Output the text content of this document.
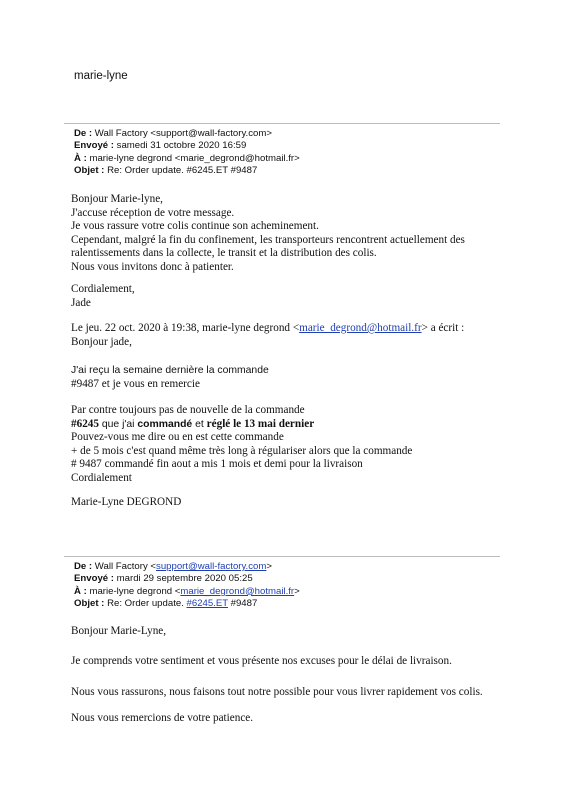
marie-lyne
De : Wall Factory <support@wall-factory.com>
Envoyé : samedi 31 octobre 2020 16:59
À : marie-lyne degrond <marie_degrond@hotmail.fr>
Objet : Re: Order update. #6245.ET #9487
Bonjour Marie-lyne,
J'accuse réception de votre message.
Je vous rassure votre colis continue son acheminement.
Cependant, malgré la fin du confinement, les transporteurs rencontrent actuellement des
ralentissements dans la collecte, le transit et la distribution des colis.
Nous vous invitons donc à patienter.
Cordialement,
Jade
Le jeu. 22 oct. 2020 à 19:38, marie-lyne degrond <marie_degrond@hotmail.fr> a écrit :
Bonjour jade,
J'ai reçu la semaine dernière la commande
#9487 et je vous en remercie
Par contre toujours pas de nouvelle de la commande
#6245 que j'ai commandé et réglé le 13 mai dernier
Pouvez-vous me dire ou en est cette commande
+ de 5 mois c'est quand même très long à régulariser alors que la commande
# 9487 commandé fin aout a mis 1 mois et demi pour la livraison
Cordialement
Marie-Lyne DEGROND
De : Wall Factory <support@wall-factory.com>
Envoyé : mardi 29 septembre 2020 05:25
À : marie-lyne degrond <marie_degrond@hotmail.fr>
Objet : Re: Order update. #6245.ET #9487
Bonjour Marie-Lyne,
Je comprends votre sentiment et vous présente nos excuses pour le délai de livraison.
Nous vous rassurons, nous faisons tout notre possible pour vous livrer rapidement vos colis.
Nous vous remercions de votre patience.
